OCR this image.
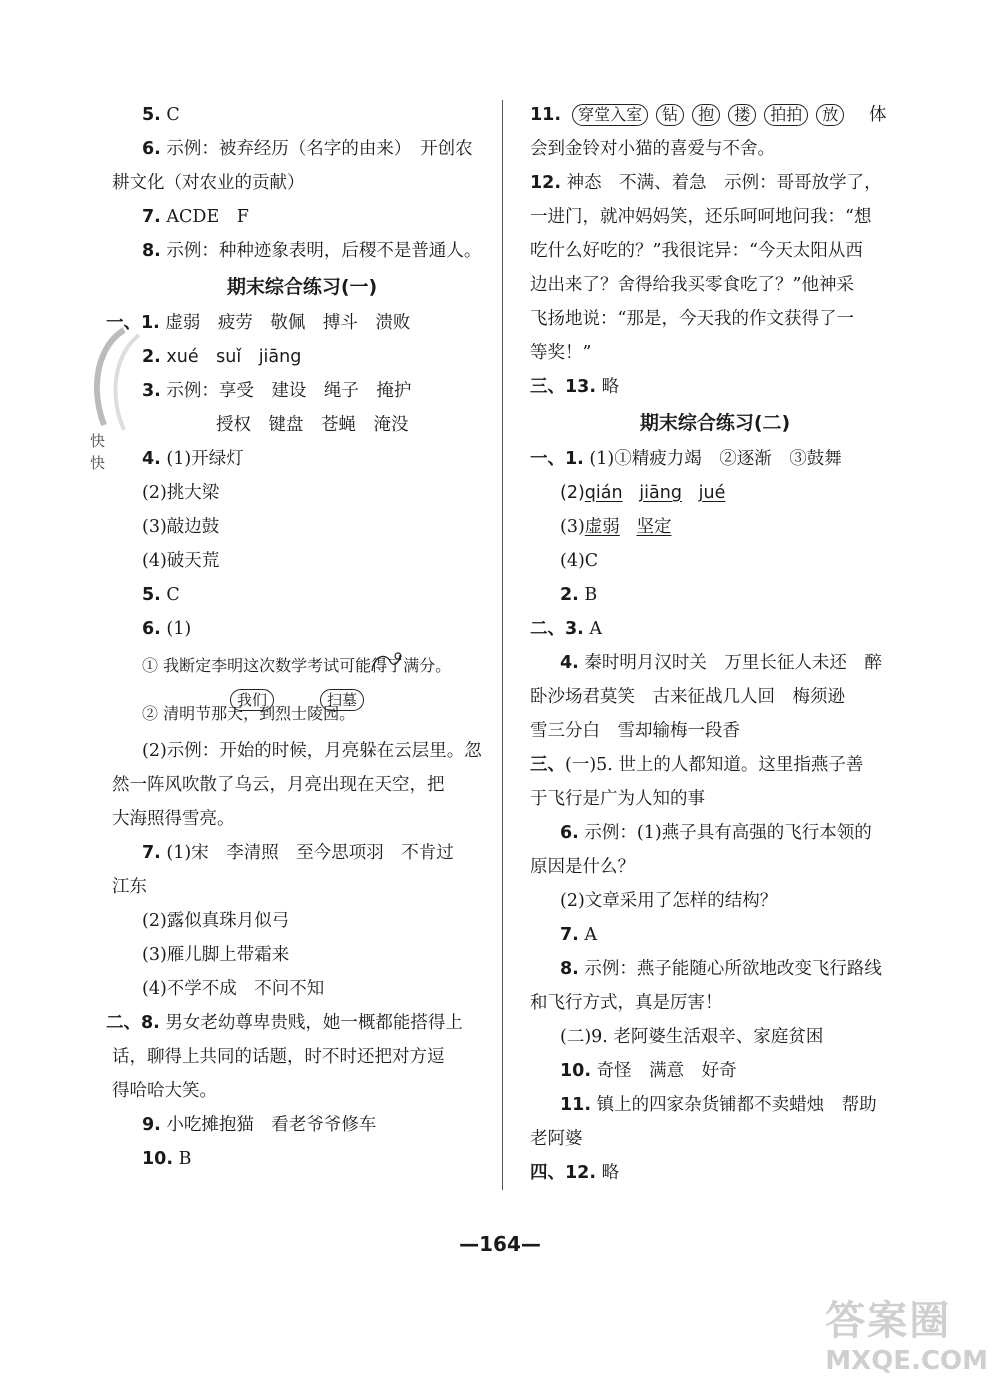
快快
5. C
6. 示例：被弃经历（名字的由来）　开创农
耕文化（对农业的贡献）
7. ACDE　F
8. 示例：种种迹象表明，后稷不是普通人。
期末综合练习(一)
一、1. 虚弱　疲劳　敬佩　搏斗　溃败
2. xué　suǐ　jiāng
3. 示例：享受　建设　绳子　掩护
授权　键盘　苍蝇　淹没
4. (1)开绿灯
(2)挑大梁
(3)敲边鼓
(4)破天荒
5. C
6. (1)
① 我断定李明这次数学考试可能得了满分。
② 清明节那天，到烈士陵园。
我们	扫墓
(2)示例：开始的时候，月亮躲在云层里。忽
然一阵风吹散了乌云，月亮出现在天空，把
大海照得雪亮。
7. (1)宋　李清照　至今思项羽　不肯过
江东
(2)露似真珠月似弓
(3)雁儿脚上带霜来
(4)不学不成　不问不知
二、8. 男女老幼尊卑贵贱，她一概都能搭得上
话，聊得上共同的话题，时不时还把对方逗
得哈哈大笑。
9. 小吃摊抱猫　看老爷爷修车
10. B
11. 穿堂入室 钻 抱 搂 拍拍 放 体
会到金铃对小猫的喜爱与不舍。
12. 神态　不满、着急　示例：哥哥放学了，
一进门，就冲妈妈笑，还乐呵呵地问我：“想
吃什么好吃的？”我很诧异：“今天太阳从西
边出来了？舍得给我买零食吃了？”他神采
飞扬地说：“那是，今天我的作文获得了一
等奖！”
三、13. 略
期末综合练习(二)
一、1. (1)①精疲力竭　②逐渐　③鼓舞
(2)qián jiāng jué
(3)虚弱 坚定
(4)C
2. B
二、3. A
4. 秦时明月汉时关　万里长征人未还　醉
卧沙场君莫笑　古来征战几人回　梅须逊
雪三分白　雪却输梅一段香
三、(一)5. 世上的人都知道。这里指燕子善
于飞行是广为人知的事
6. 示例：(1)燕子具有高强的飞行本领的
原因是什么？
(2)文章采用了怎样的结构？
7. A
8. 示例：燕子能随心所欲地改变飞行路线
和飞行方式，真是厉害！
(二)9. 老阿婆生活艰辛、家庭贫困
10. 奇怪　满意　好奇
11. 镇上的四家杂货铺都不卖蜡烛　帮助
老阿婆
四、12. 略
—164—
答案圈
MXQE.COM
